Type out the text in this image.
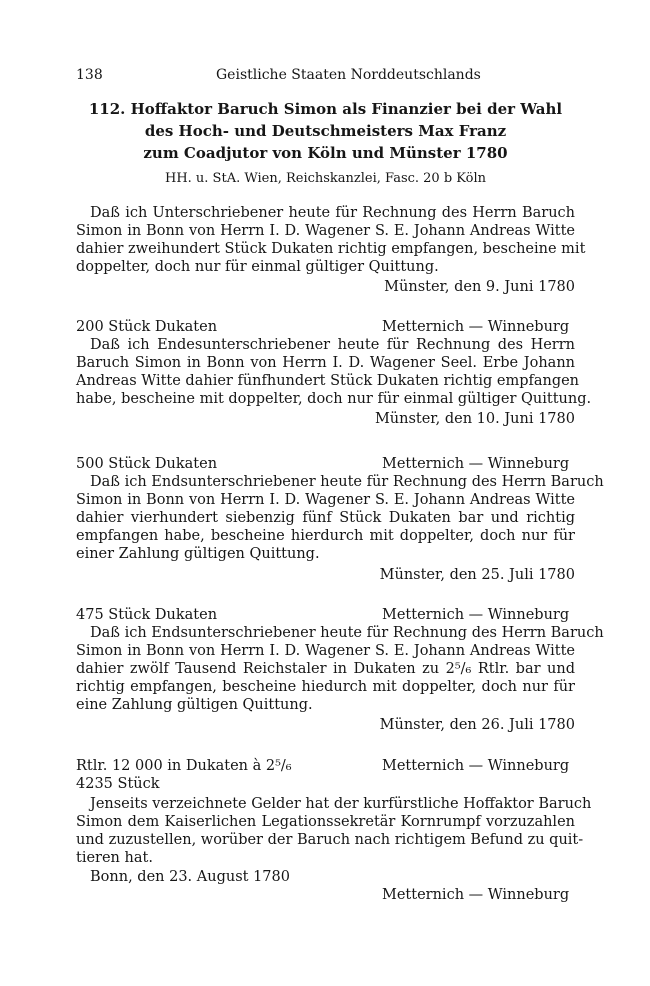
138	Geistliche Staaten Norddeutschlands
112. Hoffaktor Baruch Simon als Finanzier bei der Wahl
des Hoch- und Deutschmeisters Max Franz
zum Coadjutor von Köln und Münster 1780
HH. u. StA. Wien, Reichskanzlei, Fasc. 20 b Köln
Daß ich Unterschriebener heute für Rechnung des Herrn Baruch
Simon in Bonn von Herrn I. D. Wagener S. E. Johann Andreas Witte
dahier zweihundert Stück Dukaten richtig empfangen, bescheine mit
doppelter, doch nur für einmal gültiger Quittung.
Münster, den 9. Juni 1780
200 Stück Dukaten	Metternich — Winneburg
Daß ich Endesunterschriebener heute für Rechnung des Herrn
Baruch Simon in Bonn von Herrn I. D. Wagener Seel. Erbe Johann
Andreas Witte dahier fünfhundert Stück Dukaten richtig empfangen
habe, bescheine mit doppelter, doch nur für einmal gültiger Quittung.
Münster, den 10. Juni 1780
500 Stück Dukaten	Metternich — Winneburg
Daß ich Endsunterschriebener heute für Rechnung des Herrn Baruch
Simon in Bonn von Herrn I. D. Wagener S. E. Johann Andreas Witte
dahier vierhundert siebenzig fünf Stück Dukaten bar und richtig
empfangen habe, bescheine hierdurch mit doppelter, doch nur für
einer Zahlung gültigen Quittung.
Münster, den 25. Juli 1780
475 Stück Dukaten	Metternich — Winneburg
Daß ich Endsunterschriebener heute für Rechnung des Herrn Baruch
Simon in Bonn von Herrn I. D. Wagener S. E. Johann Andreas Witte
dahier zwölf Tausend Reichstaler in Dukaten zu 2⁵/₆ Rtlr. bar und
richtig empfangen, bescheine hiedurch mit doppelter, doch nur für
eine Zahlung gültigen Quittung.
Münster, den 26. Juli 1780
Rtlr. 12 000 in Dukaten à 2⁵/₆	Metternich — Winneburg
4235 Stück
Jenseits verzeichnete Gelder hat der kurfürstliche Hoffaktor Baruch
Simon dem Kaiserlichen Legationssekretär Kornrumpf vorzuzahlen
und zuzustellen, worüber der Baruch nach richtigem Befund zu quit-
tieren hat.
Bonn, den 23. August 1780
Metternich — Winneburg
